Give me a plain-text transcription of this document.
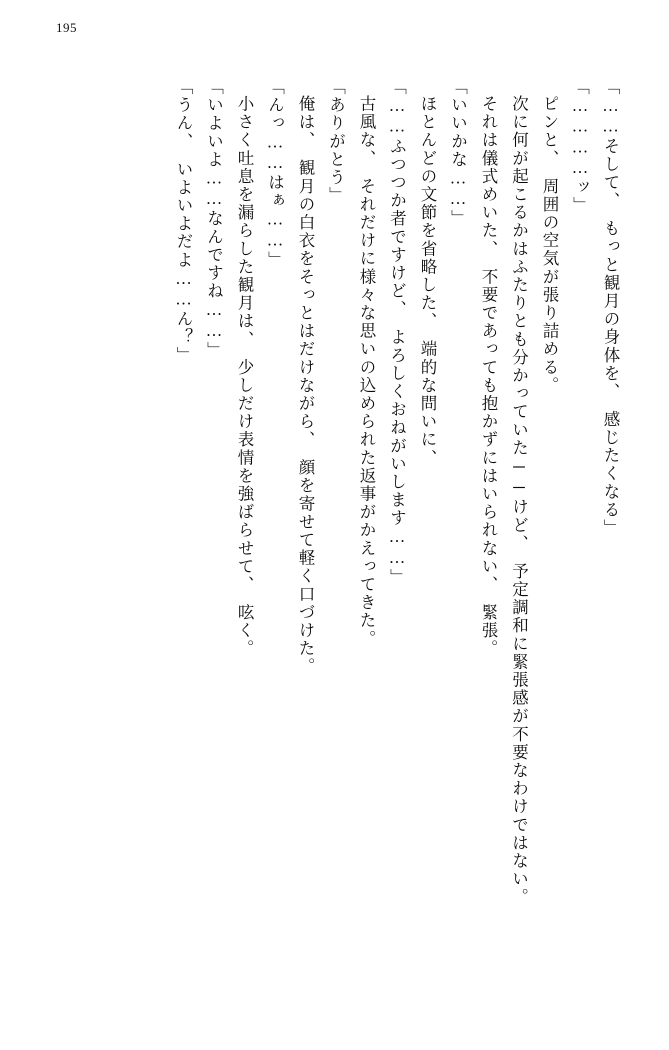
195

「……そして、　もっと観月の身体を、　感じたくなる」

「…………ッ」

ピンと、　周囲の空気が張り詰める。

次に何が起こるかはふたりとも分かっていた──けど、　予定調和に緊張感が不要なわけではない。

それは儀式めいた、　不要であっても抱かずにはいられない、　緊張。

「いいかな……」

ほとんどの文節を省略した、　端的な問いに、

「……ふつつか者ですけど、　よろしくおねがいします……」

古風な、　それだけに様々な思いの込められた返事がかえってきた。

「ありがとう」

俺は、　観月の白衣をそっとはだけながら、　顔を寄せて軽く口づけた。

「んっ……はぁ……」

小さく吐息を漏らした観月は、　少しだけ表情を強ばらせて、　呟く。

「いよいよ……なんですね……」

「うん、　いよいよだよ……ん？」
